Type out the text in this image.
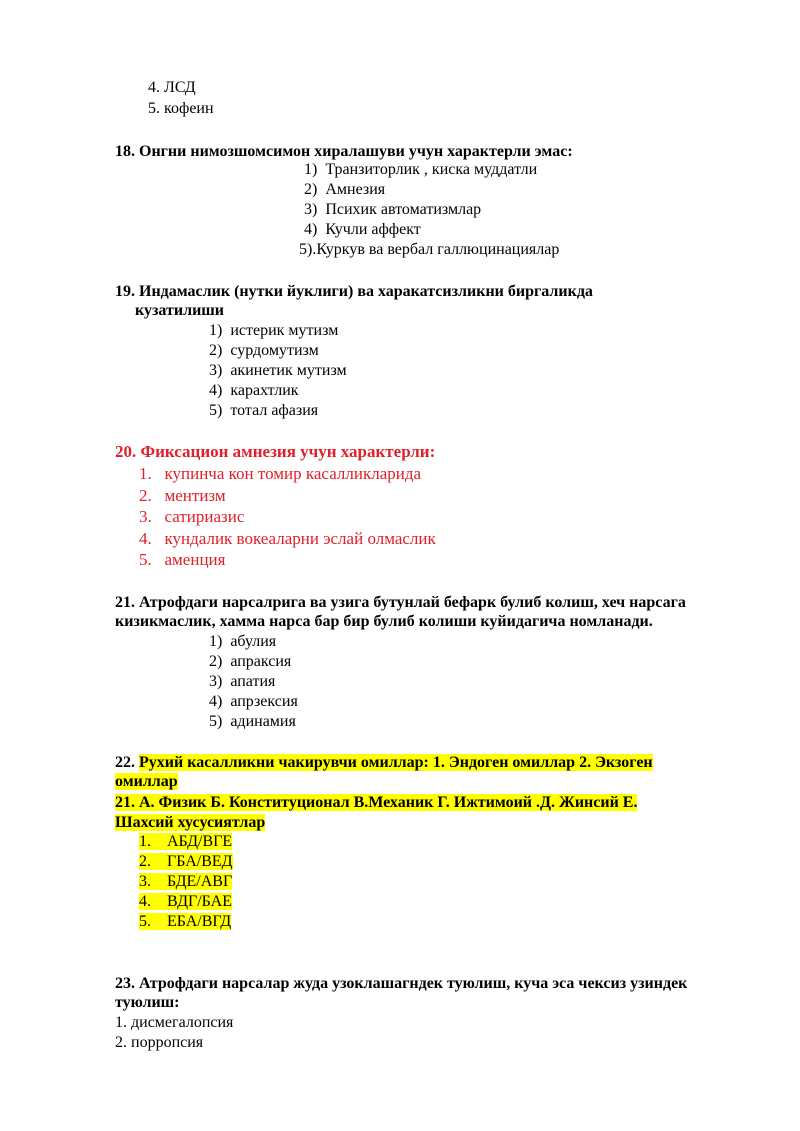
4. ЛСД
5. кофеин
18. Онгни нимозшомсимон хиралашуви учун характерли эмас:
1) Транзиторлик , киска муддатли
2) Амнезия
3) Психик автоматизмлар
4) Кучли аффект
5).Куркув ва вербал галлюцинациялар
19. Индамаслик (нутки йуклиги) ва харакатсизликни биргаликда
кузатилиши
1) истерик мутизм
2) сурдомутизм
3) акинетик мутизм
4) карахтлик
5) тотал афазия
20. Фиксацион амнезия учун характерли:
1. купинча кон томир касалликларида
2. ментизм
3. сатириазис
4. кундалик вокеаларни эслай олмаслик
5. аменция
21. Атрофдаги нарсалрига ва узига бутунлай бефарк булиб колиш, хеч нарсага
кизикмаслик, хамма нарса бар бир булиб колиши куйидагича номланади.
1) абулия
2) апраксия
3) апатия
4) апрзексия
5) адинамия
22. Рухий касалликни чакирувчи омиллар: 1. Эндоген омиллар 2. Экзоген
омиллар
21. А. Физик Б. Конституционал В.Механик Г. Ижтимоий .Д. Жинсий Е.
Шахсий хусусиятлар
1. АБД/ВГЕ
2. ГБА/ВЕД
3. БДЕ/АВГ
4. ВДГ/БАЕ
5. ЕБА/ВГД
23. Атрофдаги нарсалар жуда узоклашагндек туюлиш, куча эса чексиз узиндек
туюлиш:
1. дисмегалопсия
2. порропсия
